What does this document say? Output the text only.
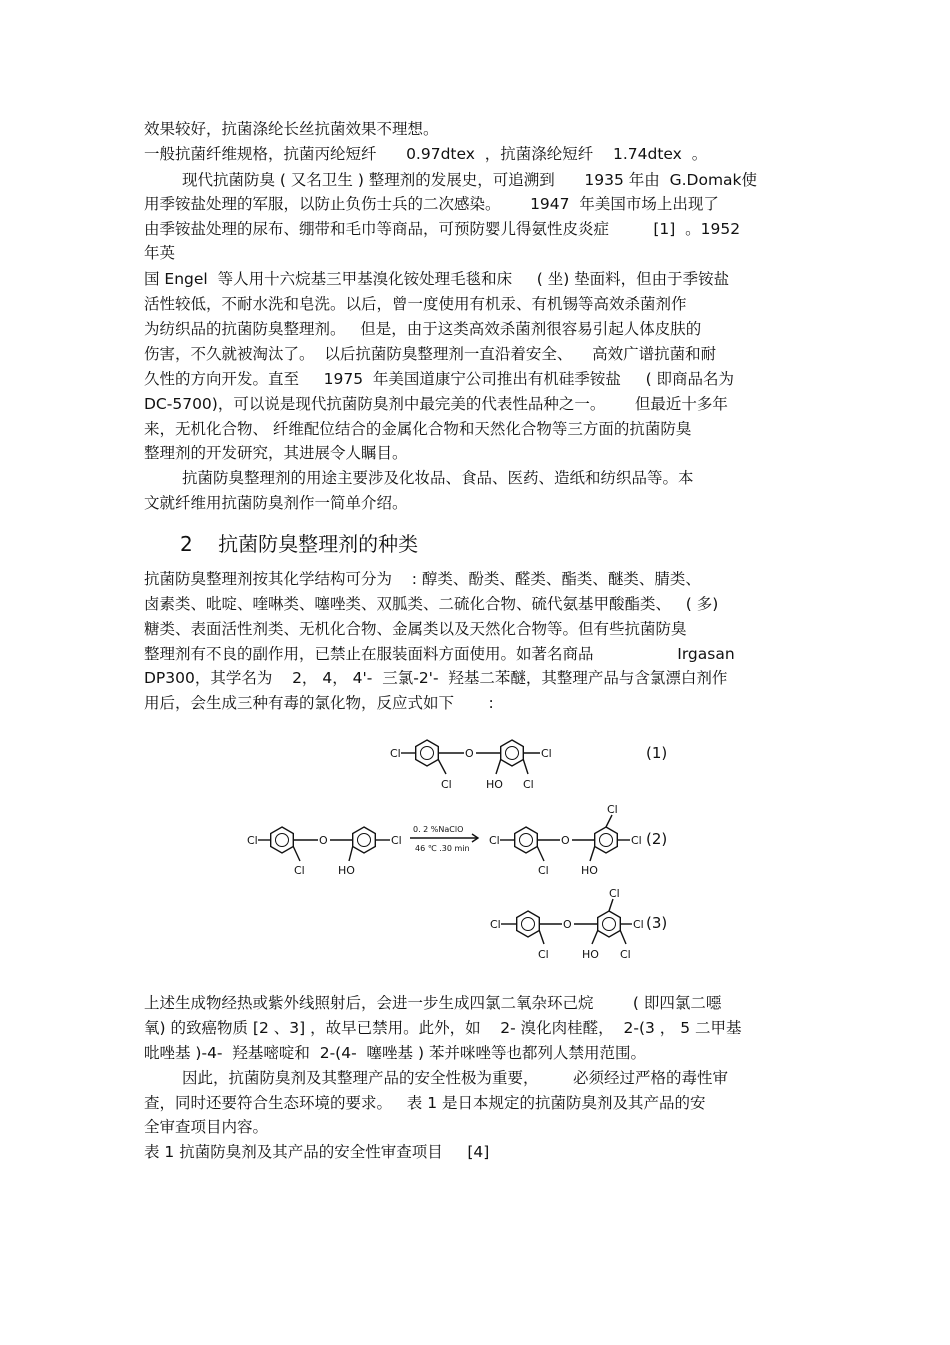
效果较好，抗菌涤纶长丝抗菌效果不理想。
一般抗菌纤维规格，抗菌丙纶短纤      0.97dtex  ，抗菌涤纶短纤    1.74dtex  。
现代抗菌防臭 ( 又名卫生 ) 整理剂的发展史，可追溯到      1935 年由  G.Domak使
用季铵盐处理的军服，以防止负伤士兵的二次感染。      1947  年美国市场上出现了
由季铵盐处理的尿布、绷带和毛巾等商品，可预防婴儿得氨性皮炎症         [1]  。1952
年英
国 Engel  等人用十六烷基三甲基溴化铵处理毛毯和床     ( 坐) 垫面料，但由于季铵盐
活性较低，不耐水洗和皂洗。以后，曾一度使用有机汞、有机锡等高效杀菌剂作
为纺织品的抗菌防臭整理剂。   但是，由于这类高效杀菌剂很容易引起人体皮肤的
伤害，不久就被淘汰了。  以后抗菌防臭整理剂一直沿着安全、    高效广谱抗菌和耐
久性的方向开发。直至     1975  年美国道康宁公司推出有机硅季铵盐     ( 即商品名为
DC-5700)，可以说是现代抗菌防臭剂中最完美的代表性品种之一。      但最近十多年
来，无机化合物、 纤维配位结合的金属化合物和天然化合物等三方面的抗菌防臭
整理剂的开发研究，其进展令人瞩目。
抗菌防臭整理剂的用途主要涉及化妆品、食品、医药、造纸和纺织品等。本
文就纤维用抗菌防臭剂作一简单介绍。
2    抗菌防臭整理剂的种类
抗菌防臭整理剂按其化学结构可分为    : 醇类、酚类、醛类、酯类、醚类、腈类、
卤素类、吡啶、喹啉类、噻唑类、双胍类、二硫化合物、硫代氨基甲酸酯类、   ( 多)
糖类、表面活性剂类、无机化合物、金属类以及天然化合物等。但有些抗菌防臭
整理剂有不良的副作用，已禁止在服装面料方面使用。如著名商品                 Irgasan
DP300，其学名为    2， 4， 4'-  三氯-2'-  羟基二苯醚，其整理产品与含氯漂白剂作
用后，会生成三种有毒的氯化物，反应式如下       :
Cl	O	Cl
Cl	HO Cl
Cl	O	Cl
Cl	HO
Cl	O	Cl
Cl	HO
Cl
Cl	O	Cl
Cl	HO Cl
Cl
0. 2 %NaClO
46 ℃ .30 min
(1)
(2)
(3)
上述生成物经热或紫外线照射后，会进一步生成四氯二氧杂环己烷        ( 即四氯二噁
氧) 的致癌物质 [2 、3] ，故早已禁用。此外，如    2- 溴化肉桂醛，  2-(3 ， 5 二甲基
吡唑基 )-4-  羟基嘧啶和  2-(4-  噻唑基 ) 苯并咪唑等也都列人禁用范围。
因此，抗菌防臭剂及其整理产品的安全性极为重要，       必须经过严格的毒性审
查，同时还要符合生态环境的要求。   表 1 是日本规定的抗菌防臭剂及其产品的安
全审查项目内容。
表 1 抗菌防臭剂及其产品的安全性审查项目     [4]
